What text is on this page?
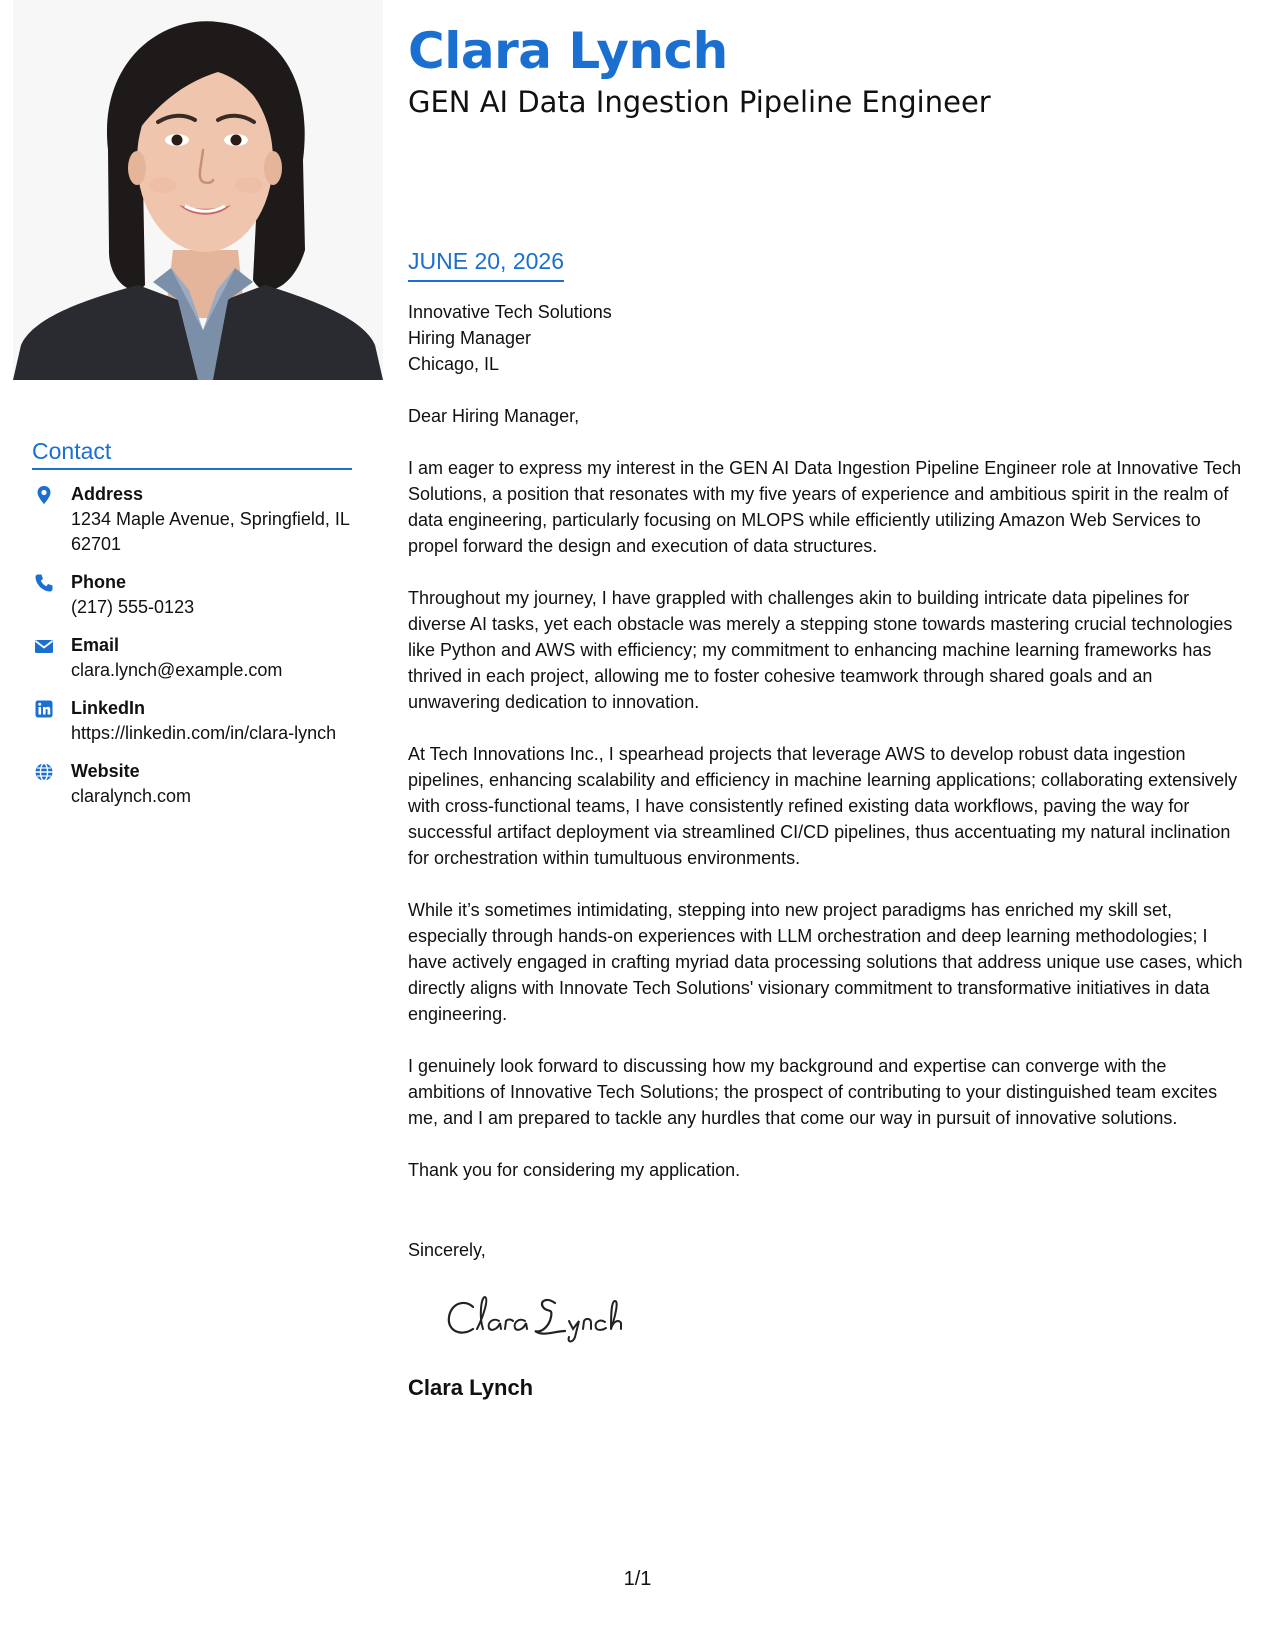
Clara Lynch
GEN AI Data Ingestion Pipeline Engineer
Contact
Address
1234 Maple Avenue, Springfield, IL 62701
Phone
(217) 555-0123
Email
clara.lynch@example.com
LinkedIn
https://linkedin.com/in/clara-lynch
Website
claralynch.com
JUNE 20, 2026
Innovative Tech Solutions
Hiring Manager
Chicago, IL

Dear Hiring Manager,

I am eager to express my interest in the GEN AI Data Ingestion Pipeline Engineer role at Innovative Tech Solutions, a position that resonates with my five years of experience and ambitious spirit in the realm of data engineering, particularly focusing on MLOPS while efficiently utilizing Amazon Web Services to propel forward the design and execution of data structures.

Throughout my journey, I have grappled with challenges akin to building intricate data pipelines for diverse AI tasks, yet each obstacle was merely a stepping stone towards mastering crucial technologies like Python and AWS with efficiency; my commitment to enhancing machine learning frameworks has thrived in each project, allowing me to foster cohesive teamwork through shared goals and an unwavering dedication to innovation.

At Tech Innovations Inc., I spearhead projects that leverage AWS to develop robust data ingestion pipelines, enhancing scalability and efficiency in machine learning applications; collaborating extensively with cross-functional teams, I have consistently refined existing data workflows, paving the way for successful artifact deployment via streamlined CI/CD pipelines, thus accentuating my natural inclination for orchestration within tumultuous environments.

While it’s sometimes intimidating, stepping into new project paradigms has enriched my skill set, especially through hands-on experiences with LLM orchestration and deep learning methodologies; I have actively engaged in crafting myriad data processing solutions that address unique use cases, which directly aligns with Innovate Tech Solutions' visionary commitment to transformative initiatives in data engineering.

I genuinely look forward to discussing how my background and expertise can converge with the ambitions of Innovative Tech Solutions; the prospect of contributing to your distinguished team excites me, and I am prepared to tackle any hurdles that come our way in pursuit of innovative solutions.

Thank you for considering my application.

Sincerely,

Clara Lynch
1/1
